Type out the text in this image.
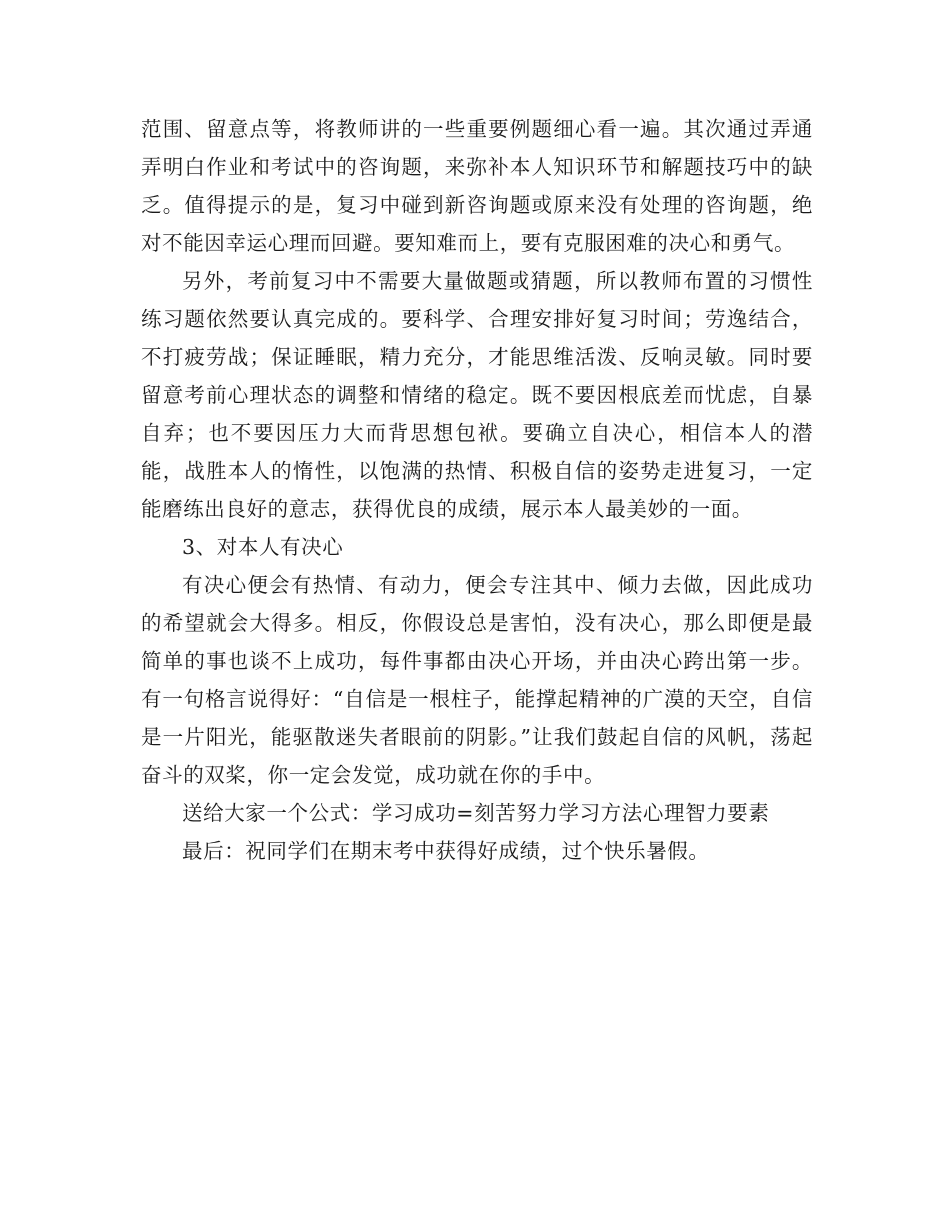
范围、留意点等，将教师讲的一些重要例题细心看一遍。其次通过弄通弄明白作业和考试中的咨询题，来弥补本人知识环节和解题技巧中的缺乏。值得提示的是，复习中碰到新咨询题或原来没有处理的咨询题，绝对不能因幸运心理而回避。要知难而上，要有克服困难的决心和勇气。

另外，考前复习中不需要大量做题或猜题，所以教师布置的习惯性练习题依然要认真完成的。要科学、合理安排好复习时间；劳逸结合，不打疲劳战；保证睡眠，精力充分，才能思维活泼、反响灵敏。同时要留意考前心理状态的调整和情绪的稳定。既不要因根底差而忧虑，自暴自弃；也不要因压力大而背思想包袱。要确立自决心，相信本人的潜能，战胜本人的惰性，以饱满的热情、积极自信的姿势走进复习，一定能磨练出良好的意志，获得优良的成绩，展示本人最美妙的一面。

3、对本人有决心

有决心便会有热情、有动力，便会专注其中、倾力去做，因此成功的希望就会大得多。相反，你假设总是害怕，没有决心，那么即便是最简单的事也谈不上成功，每件事都由决心开场，并由决心跨出第一步。有一句格言说得好：“自信是一根柱子，能撑起精神的广漠的天空，自信是一片阳光，能驱散迷失者眼前的阴影。”让我们鼓起自信的风帆，荡起奋斗的双桨，你一定会发觉，成功就在你的手中。

送给大家一个公式：学习成功=刻苦努力学习方法心理智力要素

最后：祝同学们在期末考中获得好成绩，过个快乐暑假。
